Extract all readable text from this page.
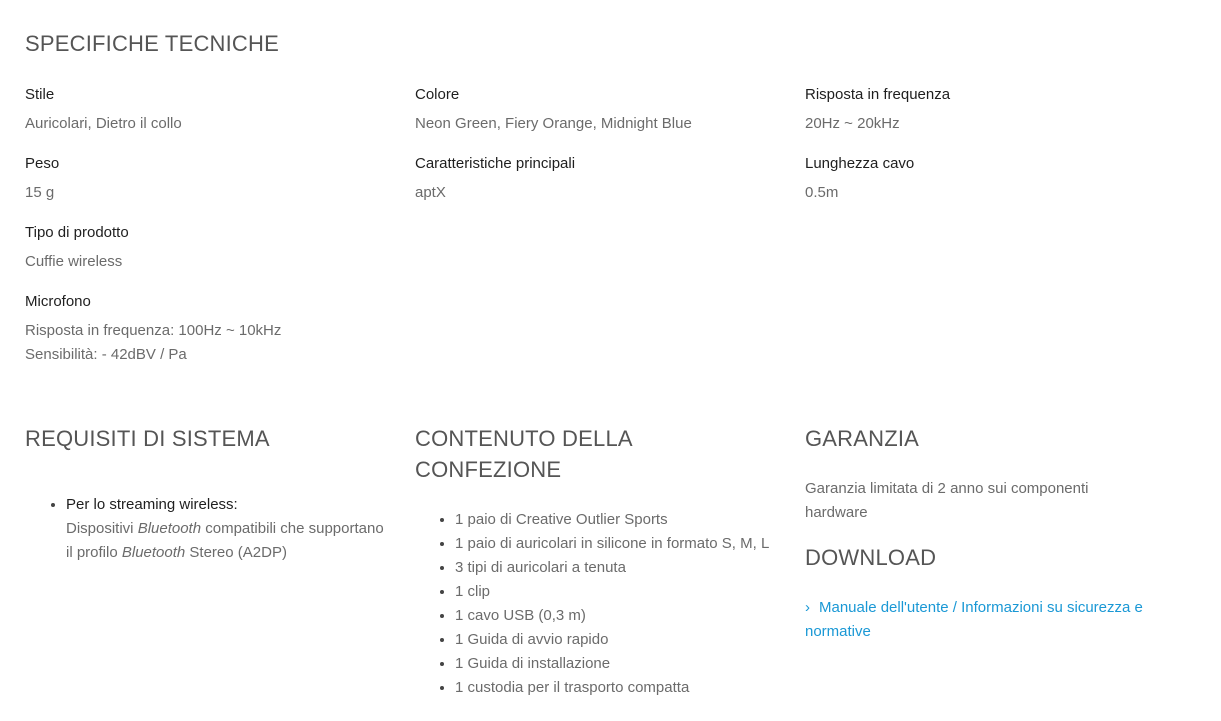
SPECIFICHE TECNICHE
Stile
Auricolari, Dietro il collo
Peso
15 g
Tipo di prodotto
Cuffie wireless
Microfono
Risposta in frequenza: 100Hz ~ 10kHz
Sensibilità: - 42dBV / Pa
Colore
Neon Green, Fiery Orange, Midnight Blue
Caratteristiche principali
aptX
Risposta in frequenza
20Hz ~ 20kHz
Lunghezza cavo
0.5m
REQUISITI DI SISTEMA
• Per lo streaming wireless:
Dispositivi Bluetooth compatibili che supportano il profilo Bluetooth Stereo (A2DP)
CONTENUTO DELLA CONFEZIONE
• 1 paio di Creative Outlier Sports
• 1 paio di auricolari in silicone in formato S, M, L
• 3 tipi di auricolari a tenuta
• 1 clip
• 1 cavo USB (0,3 m)
• 1 Guida di avvio rapido
• 1 Guida di installazione
• 1 custodia per il trasporto compatta
GARANZIA
Garanzia limitata di 2 anno sui componenti hardware
DOWNLOAD
› Manuale dell'utente / Informazioni su sicurezza e normative
